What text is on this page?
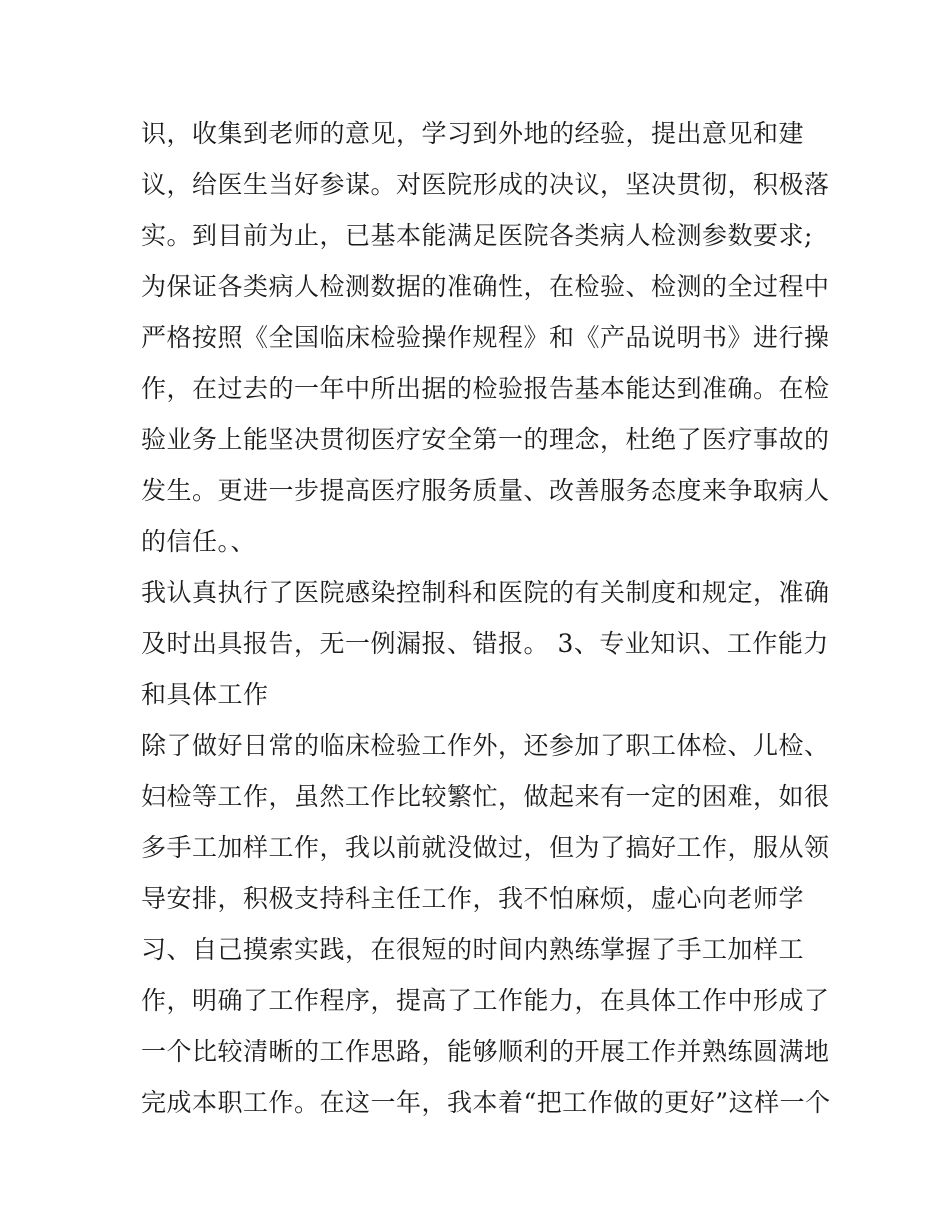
识，收集到老师的意见，学习到外地的经验，提出意见和建
议，给医生当好参谋。对医院形成的决议，坚决贯彻，积极落
实。到目前为止，已基本能满足医院各类病人检测参数要求;
为保证各类病人检测数据的准确性，在检验、检测的全过程中
严格按照《全国临床检验操作规程》和《产品说明书》进行操
作，在过去的一年中所出据的检验报告基本能达到准确。在检
验业务上能坚决贯彻医疗安全第一的理念，杜绝了医疗事故的
发生。更进一步提高医疗服务质量、改善服务态度来争取病人
的信任。、
我认真执行了医院感染控制科和医院的有关制度和规定，准确
及时出具报告，无一例漏报、错报。 3、专业知识、工作能力
和具体工作
除了做好日常的临床检验工作外，还参加了职工体检、儿检、
妇检等工作，虽然工作比较繁忙，做起来有一定的困难，如很
多手工加样工作，我以前就没做过，但为了搞好工作，服从领
导安排，积极支持科主任工作，我不怕麻烦，虚心向老师学
习、自己摸索实践，在很短的时间内熟练掌握了手工加样工
作，明确了工作程序，提高了工作能力，在具体工作中形成了
一个比较清晰的工作思路，能够顺利的开展工作并熟练圆满地
完成本职工作。在这一年，我本着“把工作做的更好”这样一个
